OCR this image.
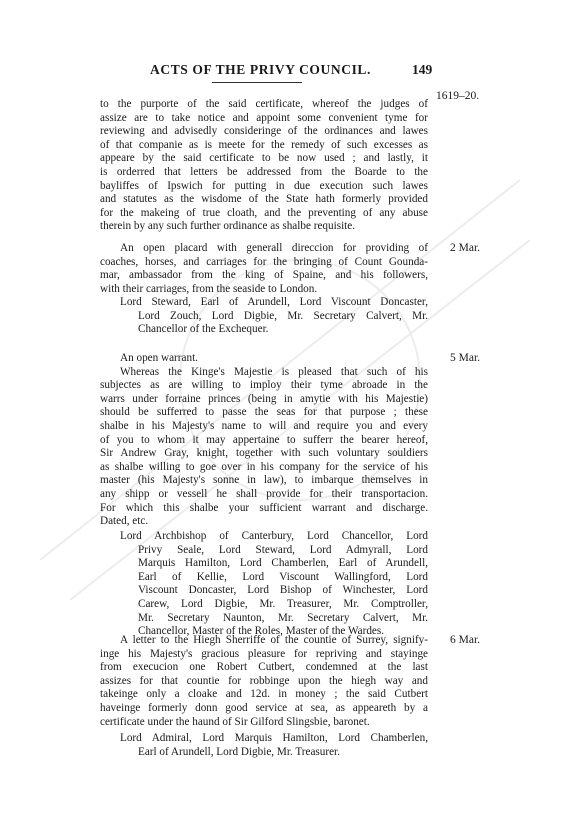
ACTS OF THE PRIVY COUNCIL.	149
1619–20.
to the purporte of the said certificate, whereof the judges of
assize are to take notice and appoint some convenient tyme for
reviewing and advisedly consideringe of the ordinances and lawes
of that companie as is meete for the remedy of such excesses as
appeare by the said certificate to be now used ; and lastly, it
is orderred that letters be addressed from the Boarde to the
bayliffes of Ipswich for putting in due execution such lawes
and statutes as the wisdome of the State hath formerly provided
for the makeing of true cloath, and the preventing of any abuse
therein by any such further ordinance as shalbe requisite.
2 Mar.
An open placard with generall direccion for providing of
coaches, horses, and carriages for the bringing of Count Gounda-
mar, ambassador from the king of Spaine, and his followers,
with their carriages, from the seaside to London.
Lord Steward, Earl of Arundell, Lord Viscount Doncaster,
Lord Zouch, Lord Digbie, Mr. Secretary Calvert, Mr.
Chancellor of the Exchequer.
5 Mar.
An open warrant.
Whereas the Kinge's Majestie is pleased that such of his
subjectes as are willing to imploy their tyme abroade in the
warrs under forraine princes (being in amytie with his Majestie)
should be sufferred to passe the seas for that purpose ; these
shalbe in his Majesty's name to will and require you and every
of you to whom it may appertaine to sufferr the bearer hereof,
Sir Andrew Gray, knight, together with such voluntary souldiers
as shalbe willing to goe over in his company for the service of his
master (his Majesty's sonne in law), to imbarque themselves in
any shipp or vessell he shall provide for their transportacion.
For which this shalbe your sufficient warrant and discharge.
Dated, etc.
Lord Archbishop of Canterbury, Lord Chancellor, Lord
Privy Seale, Lord Steward, Lord Admyrall, Lord
Marquis Hamilton, Lord Chamberlen, Earl of Arundell,
Earl of Kellie, Lord Viscount Wallingford, Lord
Viscount Doncaster, Lord Bishop of Winchester, Lord
Carew, Lord Digbie, Mr. Treasurer, Mr. Comptroller,
Mr. Secretary Naunton, Mr. Secretary Calvert, Mr.
Chancellor, Master of the Roles, Master of the Wardes.
6 Mar.
A letter to the Hiegh Sherriffe of the countie of Surrey, signify-
inge his Majesty's gracious pleasure for repriving and stayinge
from execucion one Robert Cutbert, condemned at the last
assizes for that countie for robbinge upon the hiegh way and
takeinge only a cloake and 12d. in money ; the said Cutbert
haveinge formerly donn good service at sea, as appeareth by a
certificate under the haund of Sir Gilford Slingsbie, baronet.
Lord Admiral, Lord Marquis Hamilton, Lord Chamberlen,
Earl of Arundell, Lord Digbie, Mr. Treasurer.
